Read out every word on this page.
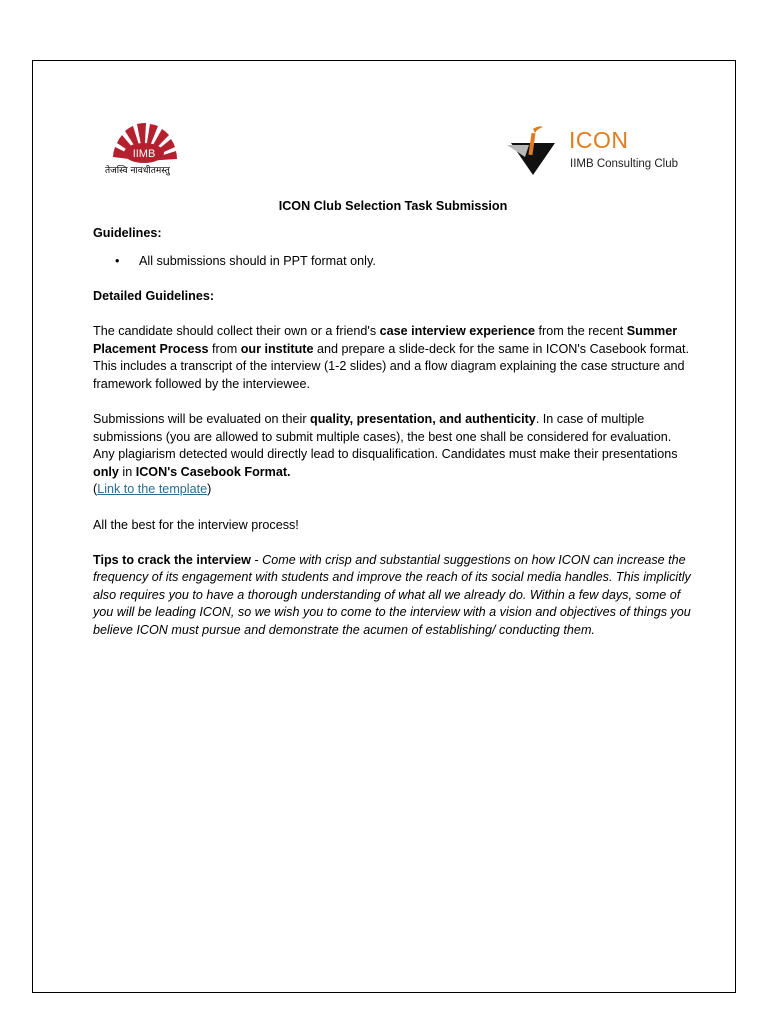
IIMB
तेजस्वि नावधीतमस्तु
ICON
IIMB Consulting Club
ICON Club Selection Task Submission
Guidelines:
• All submissions should in PPT format only.
Detailed Guidelines:

The candidate should collect their own or a friend's case interview experience from the recent Summer Placement Process from our institute and prepare a slide-deck for the same in ICON's Casebook format. This includes a transcript of the interview (1-2 slides) and a flow diagram explaining the case structure and framework followed by the interviewee.

Submissions will be evaluated on their quality, presentation, and authenticity. In case of multiple submissions (you are allowed to submit multiple cases), the best one shall be considered for evaluation. Any plagiarism detected would directly lead to disqualification. Candidates must make their presentations only in ICON's Casebook Format.
(Link to the template)

All the best for the interview process!

Tips to crack the interview - Come with crisp and substantial suggestions on how ICON can increase the frequency of its engagement with students and improve the reach of its social media handles. This implicitly also requires you to have a thorough understanding of what all we already do. Within a few days, some of you will be leading ICON, so we wish you to come to the interview with a vision and objectives of things you believe ICON must pursue and demonstrate the acumen of establishing/ conducting them.
